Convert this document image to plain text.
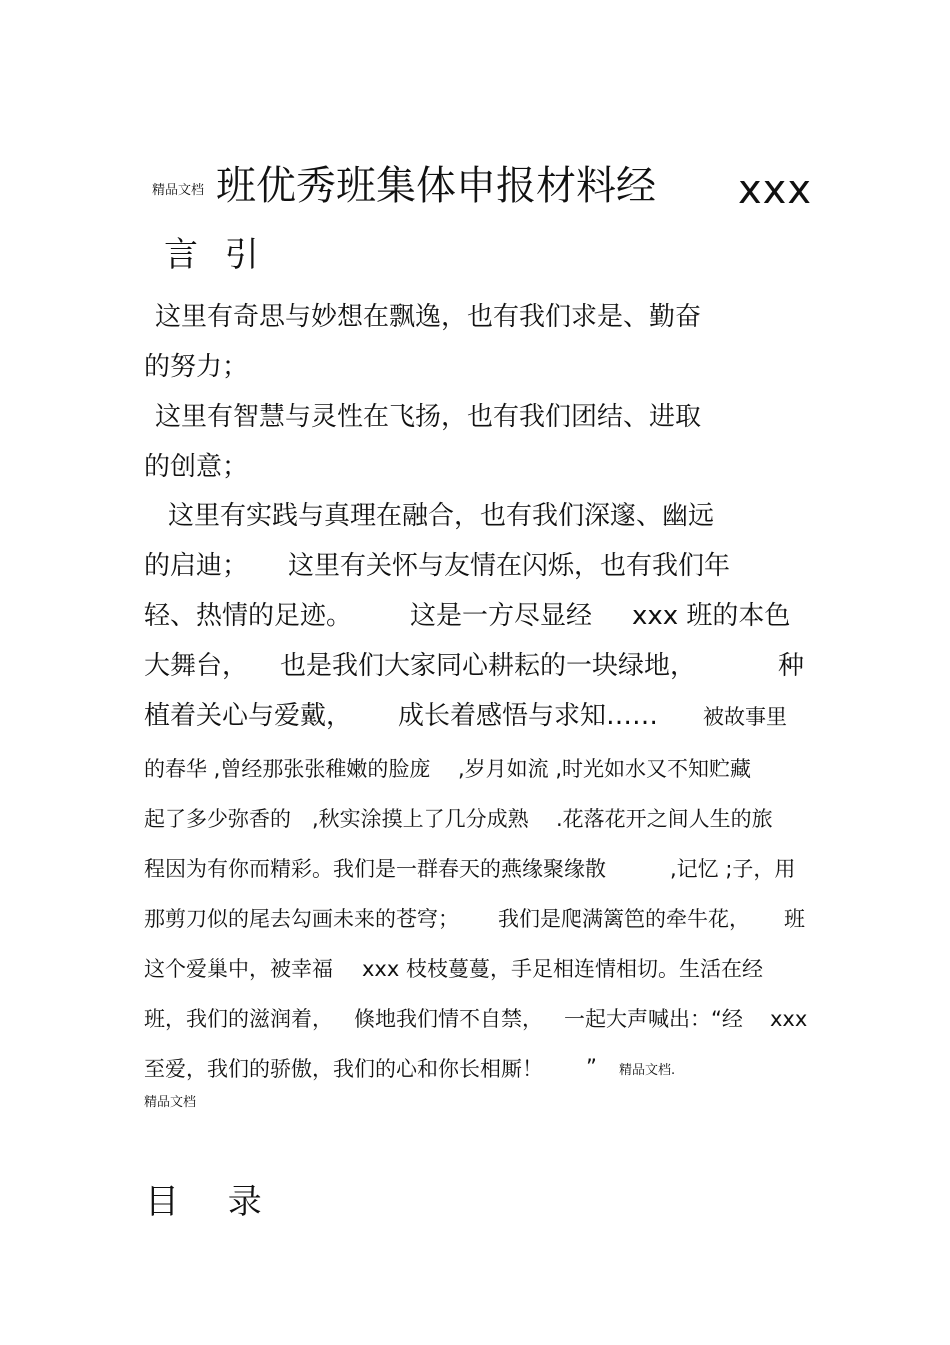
精品文档 班优秀班集体申报材料经 xxx
言 引
这里有奇思与妙想在飘逸，也有我们求是、勤奋
的努力；
这里有智慧与灵性在飞扬，也有我们团结、进取
的创意；
这里有实践与真理在融合，也有我们深邃、幽远
的启迪； 这里有关怀与友情在闪烁，也有我们年
轻、热情的足迹。 这是一方尽显经 xxx 班的本色
大舞台， 也是我们大家同心耕耘的一块绿地，	种
植着关心与爱戴， 成长着感悟与求知…… 被故事里
的春华 ,曾经那张张稚嫩的脸庞 ,岁月如流 ,时光如水又不知贮藏
起了多少弥香的 ,秋实涂摸上了几分成熟 .花落花开之间人生的旅
程因为有你而精彩。我们是一群春天的燕缘聚缘散	,记忆 ;子，用
那剪刀似的尾去勾画未来的苍穹； 我们是爬满篱笆的牵牛花， 班
这个爱巢中，被幸福 xxx 枝枝蔓蔓，手足相连情相切。生活在经
班，我们的滋润着， 倏地我们情不自禁， 一起大声喊出：“经 xxx
至爱，我们的骄傲，我们的心和你长相厮！ ” 精品文档.
精品文档
目 录
